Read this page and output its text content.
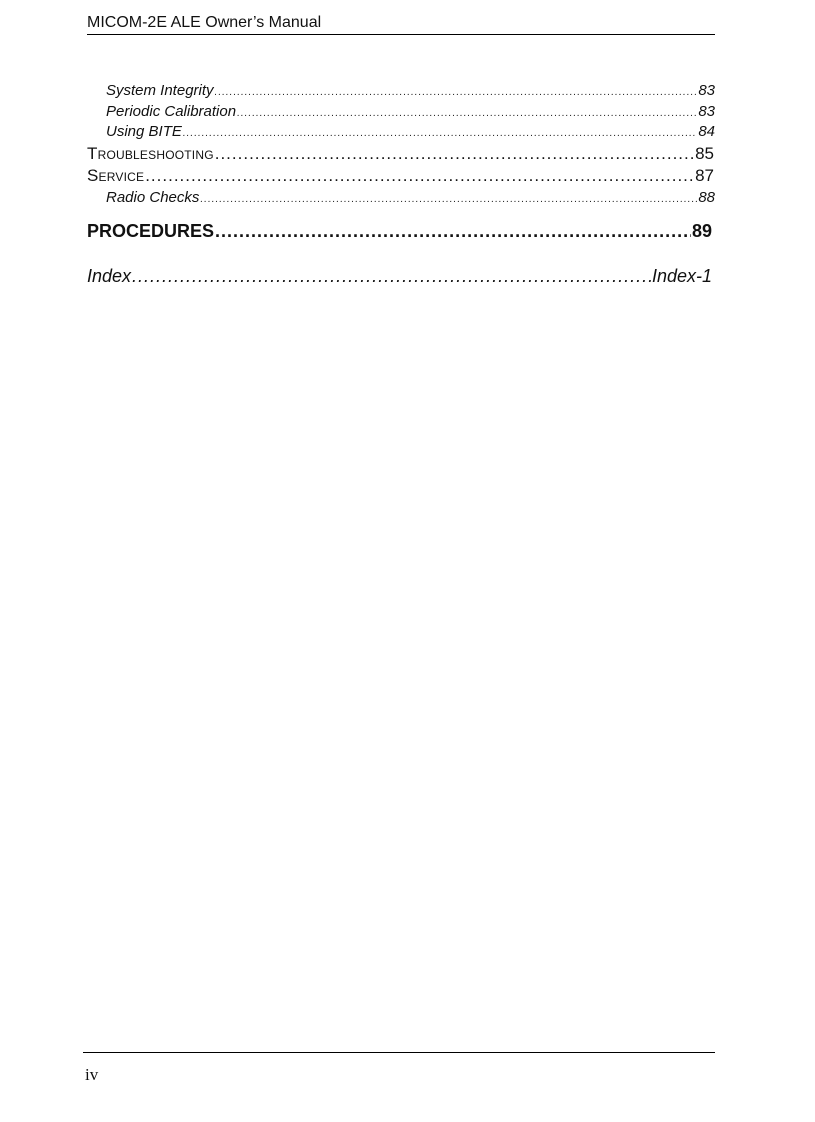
MICOM-2E ALE Owner’s Manual
System Integrity .....	83
Periodic Calibration .....	83
Using BITE .....	84
Troubleshooting .....	85
Service .....	87
Radio Checks .....	88
PROCEDURES .....	89
Index .....	Index-1
iv
